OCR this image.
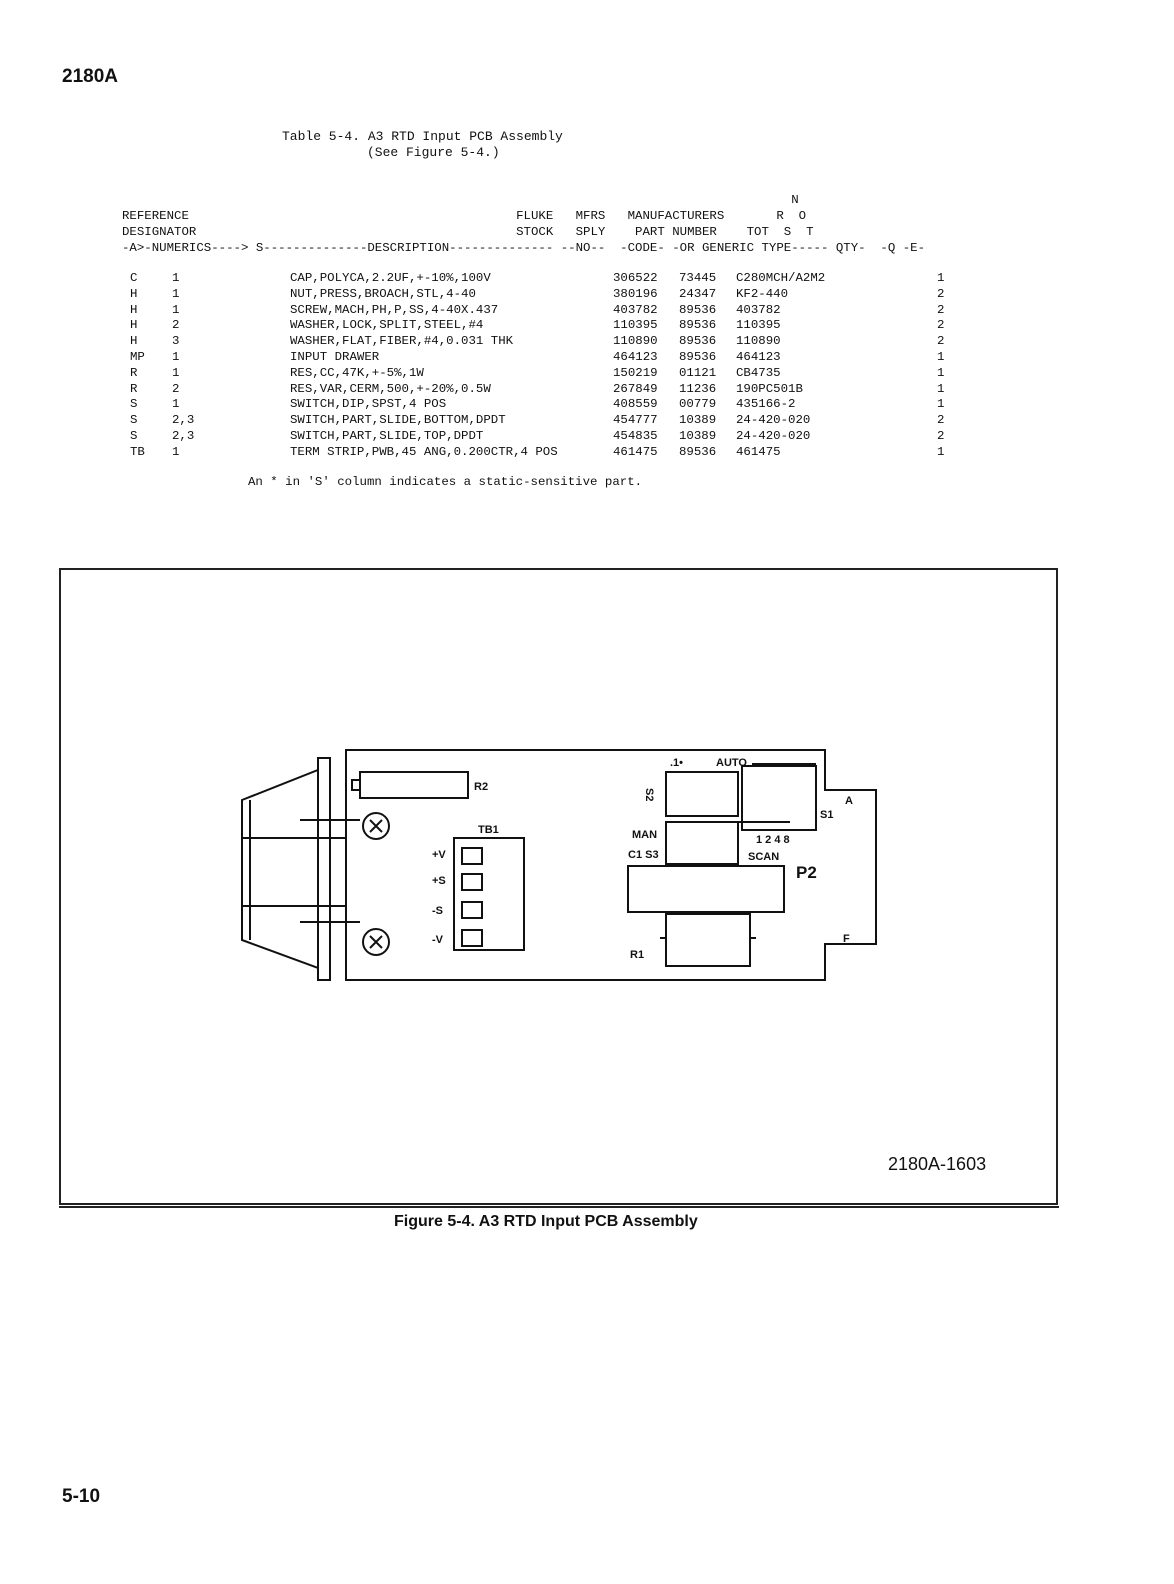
2180A
Table 5-4. A3 RTD Input PCB Assembly
(See Figure 5-4.)
N
REFERENCE                                            FLUKE   MFRS   MANUFACTURERS       R  O
DESIGNATOR                                           STOCK   SPLY    PART NUMBER    TOT  S  T
-A>-NUMERICS----> S--------------DESCRIPTION-------------- --NO--  -CODE- -OR GENERIC TYPE----- QTY-  -Q -E-
C	1	CAP,POLYCA,2.2UF,+-10%,100V	306522 73445 C280MCH/A2M2	1
H	1	NUT,PRESS,BROACH,STL,4-40	380196 24347 KF2-440	2
H	1	SCREW,MACH,PH,P,SS,4-40X.437	403782 89536 403782	2
H	2	WASHER,LOCK,SPLIT,STEEL,#4	110395 89536 110395	2
H	3	WASHER,FLAT,FIBER,#4,0.031 THK	110890 89536 110890	2
MP 1	INPUT DRAWER	464123 89536 464123	1
R	1	RES,CC,47K,+-5%,1W	150219 01121 CB4735	1
R	2	RES,VAR,CERM,500,+-20%,0.5W	267849 11236 190PC501B	1
S	1	SWITCH,DIP,SPST,4 POS	408559 00779 435166-2	1
S	2,3	SWITCH,PART,SLIDE,BOTTOM,DPDT	454777 10389 24-420-020	2
S	2,3	SWITCH,PART,SLIDE,TOP,DPDT	454835 10389 24-420-020	2
TB 1	TERM STRIP,PWB,45 ANG,0.200CTR,4 POS	461475 89536 461475	1
An * in 'S' column indicates a static-sensitive part.
R2
TB1
+V
+S
-S
-V
S2
.1•	AUTO
S1
A
MAN
C1 S3
1 2 4 8
SCAN
P2
R1
F
2180A-1603
Figure 5-4. A3 RTD Input PCB Assembly
5-10
